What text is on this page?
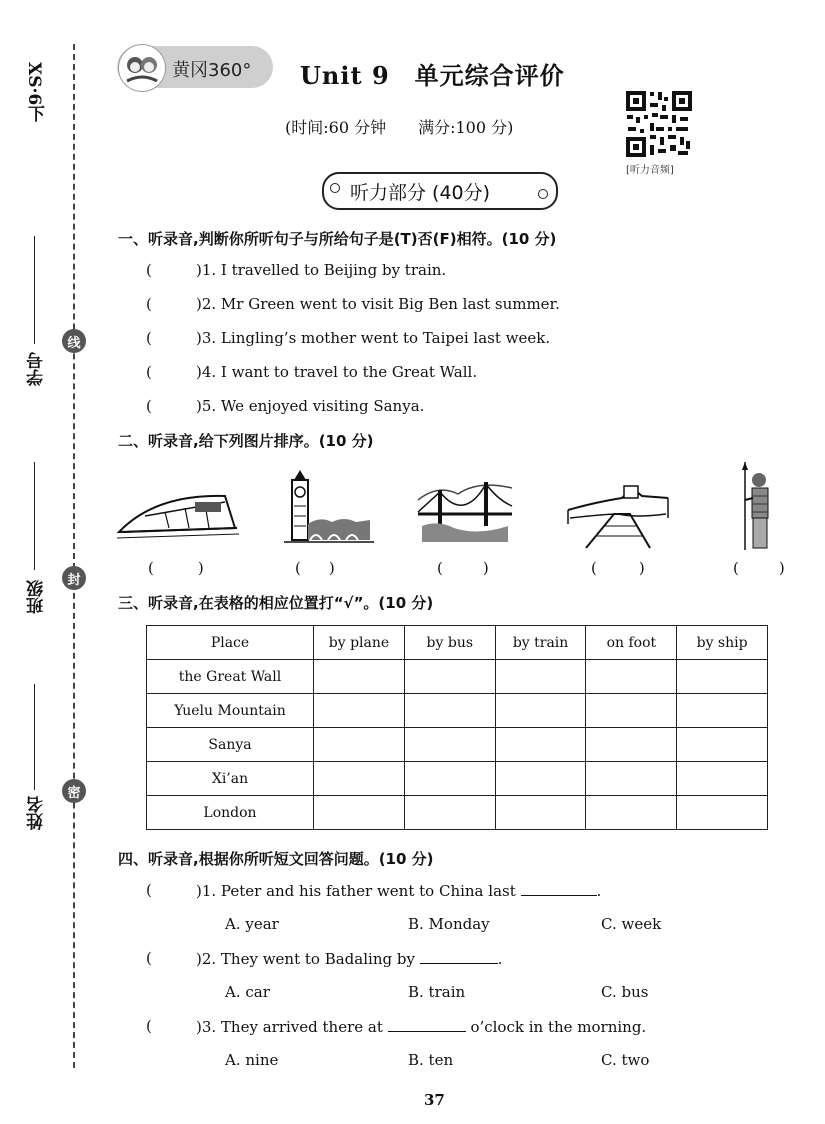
XS·6下
学号
线
班级	封
姓名
密
黄冈360° Unit 9　单元综合评价
(时间:60 分钟　　满分:100 分)
[听力音频]
听力部分 (40分)
一、听录音,判断你所听句子与所给句子是(T)否(F)相符。(10 分)
(	)1. I travelled to Beijing by train.
(	)2. Mr Green went to visit Big Ben last summer.
(	)3. Lingling’s mother went to Taipei last week.
(	)4. I want to travel to the Great Wall.
(	)5. We enjoyed visiting Sanya.
二、听录音,给下列图片排序。(10 分)
()	()	()	()	()
三、听录音,在表格的相应位置打“√”。(10 分)
Place	by plane	by bus	by train	on foot	by ship
the Great Wall					
Yuelu Mountain					
Sanya					
Xi’an					
London					
四、听录音,根据你所听短文回答问题。(10 分)
(	)1. Peter and his father went to China last	.
A. year	B. Monday	C. week
(	)2. They went to Badaling by	.
A. car	B. train	C. bus
(	)3. They arrived there at	o’clock in the morning.
A. nine	B. ten	C. two
37
